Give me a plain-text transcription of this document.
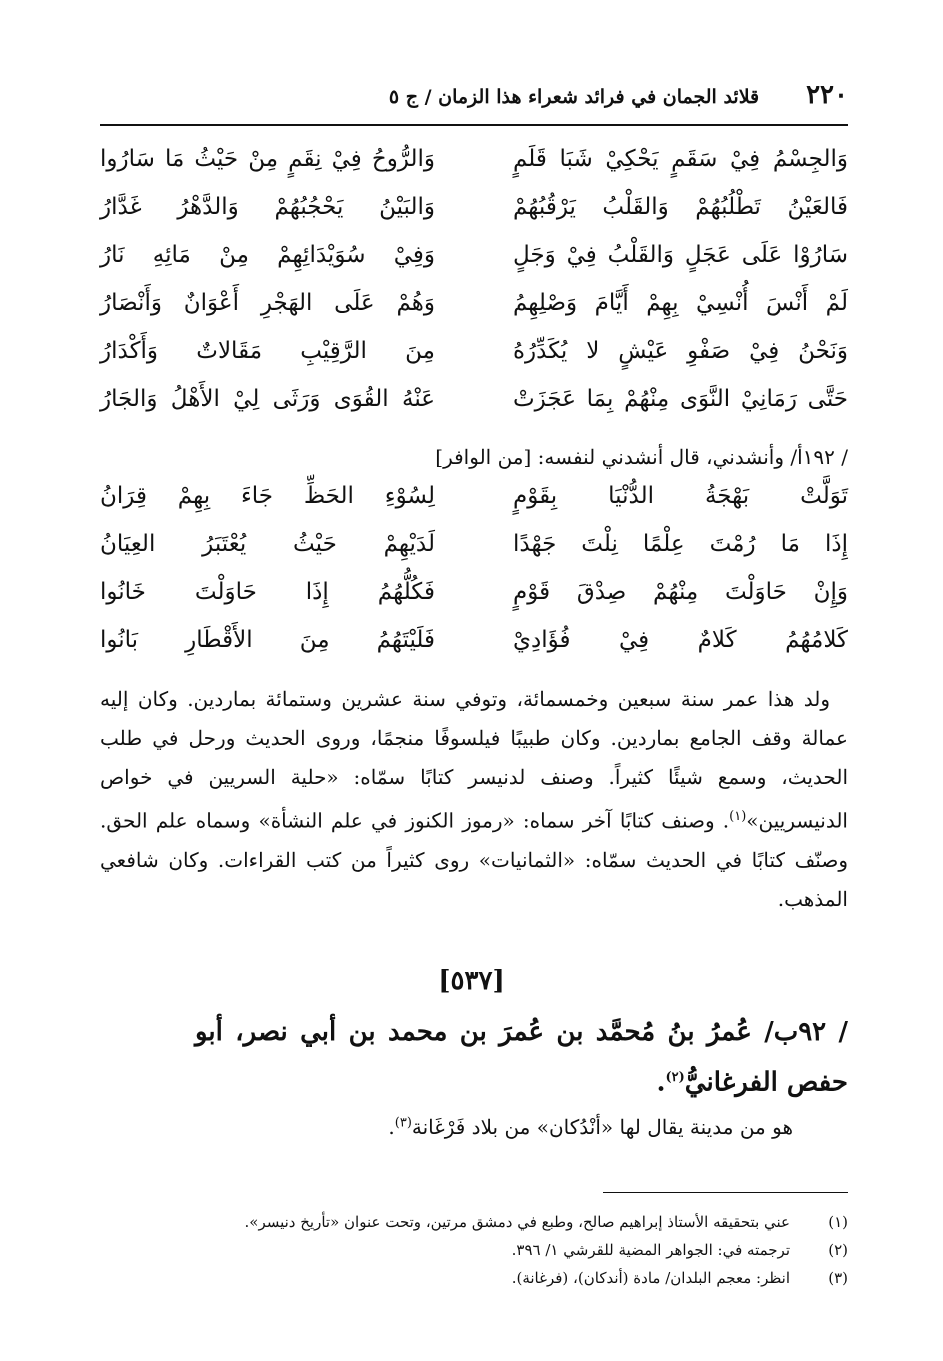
٢٢٠
قلائد الجمان في فرائد شعراء هذا الزمان / ج ٥
وَالجِسْمُ فِيْ سَقَمٍ يَحْكِيْ شَبَا قَلَمٍ
وَالرُّوحُ فِيْ نِقَمٍ مِنْ حَيْثُ مَا سَارُوا
فَالعَيْنُ تَطْلُبُهُمْ وَالقَلْبُ يَرْقُبُهُمْ
وَالبَيْنُ يَحْجُبُهُمْ وَالدَّهْرُ غَدَّارُ
سَارُوْا عَلَى عَجَلٍ وَالقَلْبُ فِيْ وَجَلٍ
وَفِيْ سُوَيْدَائِهِمْ مِنْ مَائِهِ نَارُ
لَمْ أَنْسَ أُنْسِيْ بِهِمْ أَيَّامَ وَصْلِهِمُ
وَهُمْ عَلَى الهَجْرِ أَعْوَانٌ وَأَنْصَارُ
وَنَحْنُ فِيْ صَفْوِ عَيْشٍ لا يُكَدِّرُهُ
مِنَ الرَّقِيْبِ مَقَالاتٌ وَأَكْدَارُ
حَتَّى رَمَانِيْ النَّوَى مِنْهُمْ بِمَا عَجَزَتْ
عَنْهُ القُوَى وَرَثَى لِيْ الأَهْلُ وَالجَارُ
/ ١٩٢أ/ وأنشدني، قال أنشدني لنفسه: [من الوافر]
تَوَلَّتْ بَهْجَةُ الدُّنْيَا بِقَوْمٍ
لِسُوْءِ الحَظِّ جَاءَ بِهِمْ قِرَانُ
إِذَا مَا رُمْتَ عِلْمًا نِلْتَ جَهْدًا
لَدَيْهِمْ حَيْثُ يُعْتَبَرُ العِيَانُ
وَإِنْ حَاوَلْتَ مِنْهُمْ صِدْقَ قَوْمٍ
فَكُلُّهُمُ إِذَا حَاوَلْتَ خَانُوا
كَلامُهُمُ كَلامٌ فِيْ فُؤَادِيْ
فَلَيْتَهُمُ مِنَ الأَقْطَارِ بَانُوا

ولد هذا عمر سنة سبعين وخمسمائة، وتوفي سنة عشرين وستمائة بماردين. وكان إليه عمالة وقف الجامع بماردين. وكان طبيبًا فيلسوفًا منجمًا، وروى الحديث ورحل في طلب الحديث، وسمع شيئًا كثيراً. وصنف لدنيسر كتابًا سمّاه: «حلية السريين في خواص الدنيسريين»$^{(١)}$. وصنف كتابًا آخر سماه: «رموز الكنوز في علم النشأة» وسماه علم الحق. وصنّف كتابًا في الحديث سمّاه: «الثمانيات» روى كثيراً من كتب القراءات. وكان شافعي المذهب.

[٥٣٧]
/ ٩٢ب/ عُمرُ بنُ مُحمَّد بن عُمرَ بن محمد بن أبي نصر، أبو حفص الفرغانيُّ$^{(٢)}$.
هو من مدينة يقال لها «أنْدُكان» من بلاد فَرْغَانة$^{(٣)}$.
(١)
عني بتحقيقه الأستاذ إبراهيم صالح، وطبع في دمشق مرتين، وتحت عنوان «تأريخ دنيسر».
(٢)
ترجمته في: الجواهر المضية للقرشي ١/ ٣٩٦.
(٣)
انظر: معجم البلدان/ مادة (أندكان)، (فرغانة).
